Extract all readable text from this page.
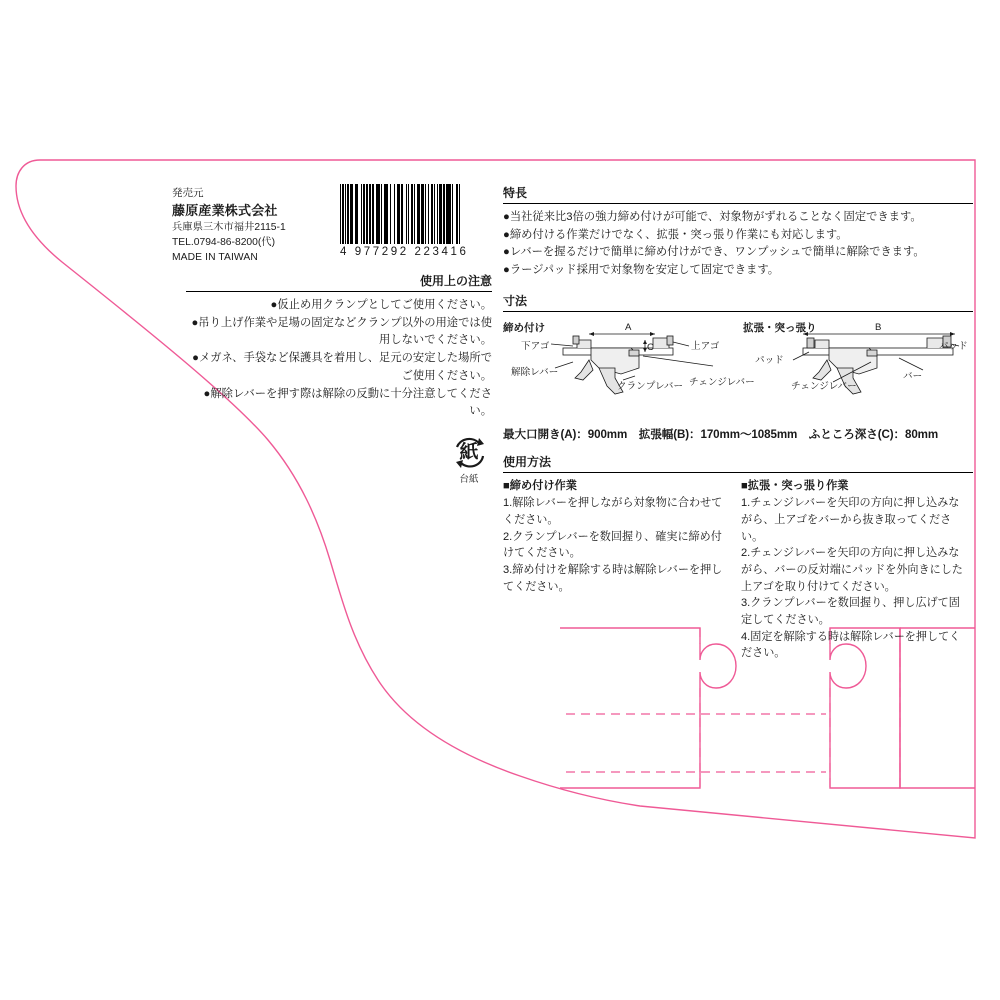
発売元
藤原産業株式会社
兵庫県三木市福井2115-1
TEL.0794-86-8200(代)
MADE IN TAIWAN	4 977292 223416
使用上の注意
●仮止め用クランプとしてご使用ください。
●吊り上げ作業や足場の固定などクランプ以外の用途では使用しないでください。
●メガネ、手袋など保護具を着用し、足元の安定した場所でご使用ください。
●解除レバーを押す際は解除の反動に十分注意してください。
紙
台紙
特長
●当社従来比3倍の強力締め付けが可能で、対象物がずれることなく固定できます。
●締め付ける作業だけでなく、拡張・突っ張り作業にも対応します。
●レバーを握るだけで簡単に締め付けができ、ワンプッシュで簡単に解除できます。
●ラージパッド採用で対象物を安定して固定できます。
寸法
締め付け	拡張・突っ張り
A
C
下アゴ	上アゴ
解除レバー
クランプレバー チェンジレバー
B
パッド
パッド
チェンジレバー
バー
最大口開き(A)：900mm　拡張幅(B)：170mm～1085mm　ふところ深さ(C)：80mm
使用方法
■締め付け作業
1.解除レバーを押しながら対象物に合わせてください。
2.クランプレバーを数回握り、確実に締め付けてください。
3.締め付けを解除する時は解除レバーを押してください。
■拡張・突っ張り作業
1.チェンジレバーを矢印の方向に押し込みながら、上アゴをバーから抜き取ってください。
2.チェンジレバーを矢印の方向に押し込みながら、バーの反対端にパッドを外向きにした上アゴを取り付けてください。
3.クランプレバーを数回握り、押し広げて固定してください。
4.固定を解除する時は解除レバーを押してください。
